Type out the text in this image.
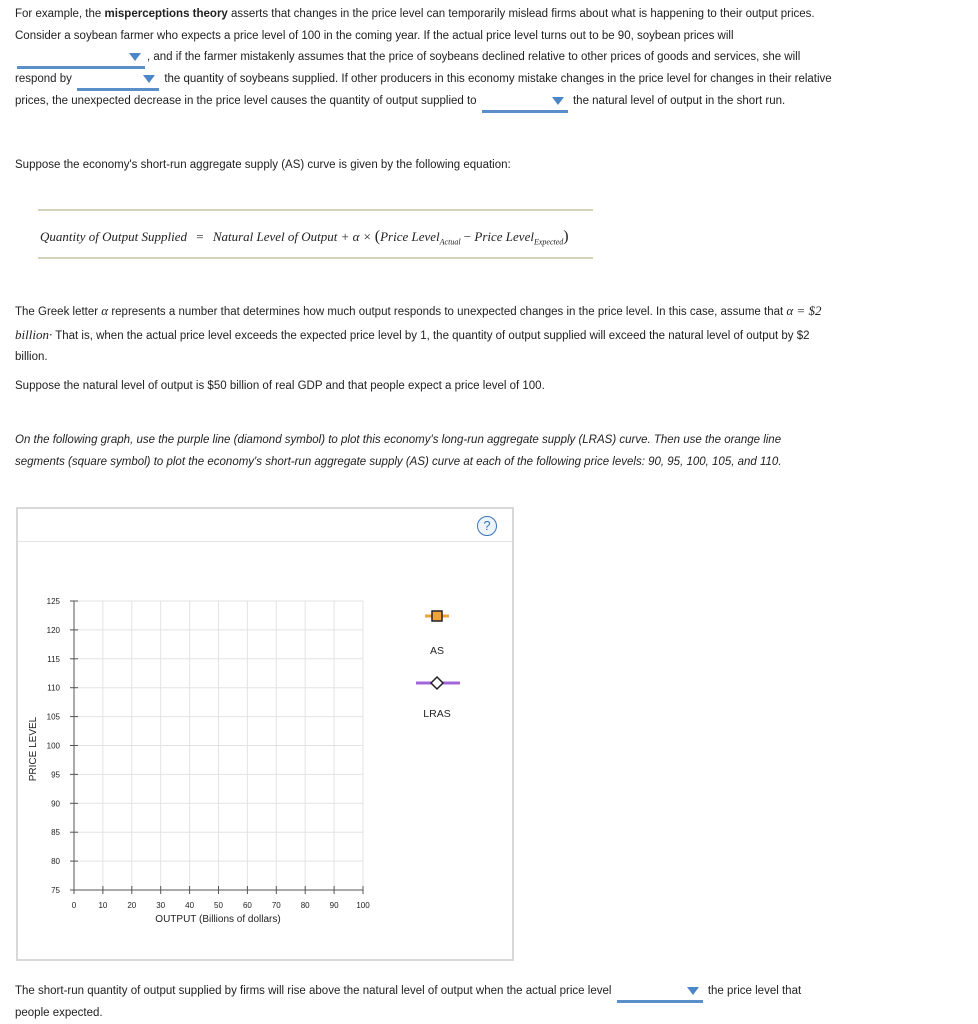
For example, the misperceptions theory asserts that changes in the price level can temporarily mislead firms about what is happening to their output prices. Consider a soybean farmer who expects a price level of 100 in the coming year. If the actual price level turns out to be 90, soybean prices will
, and if the farmer mistakenly assumes that the price of soybeans declined relative to other prices of goods and services, she will respond by	the quantity of soybeans supplied. If other producers in this economy mistake changes in the price level for changes in their relative prices, the unexpected decrease in the price level causes the quantity of output supplied to	the natural level of output in the short run.
Suppose the economy's short-run aggregate supply (AS) curve is given by the following equation:
Quantity of Output Supplied = Natural Level of Output + α × (Price Level$_{Actual}$ − Price Level$_{Expected}$)
The Greek letter α represents a number that determines how much output responds to unexpected changes in the price level. In this case, assume that α = $2 billion· That is, when the actual price level exceeds the expected price level by 1, the quantity of output supplied will exceed the natural level of output by $2 billion.
Suppose the natural level of output is $50 billion of real GDP and that people expect a price level of 100.
On the following graph, use the purple line (diamond symbol) to plot this economy's long-run aggregate supply (LRAS) curve. Then use the orange line segments (square symbol) to plot the economy's short-run aggregate supply (AS) curve at each of the following price levels: 90, 95, 100, 105, and 110.
?
75
80
85
90
95
100
105
110
115
120
125
0	10 20 30 40 50 60 70 80 90 100
OUTPUT (Billions of dollars)
PRICE LEVEL
AS
LRAS
The short-run quantity of output supplied by firms will rise above the natural level of output when the actual price level	the price level that people expected.
